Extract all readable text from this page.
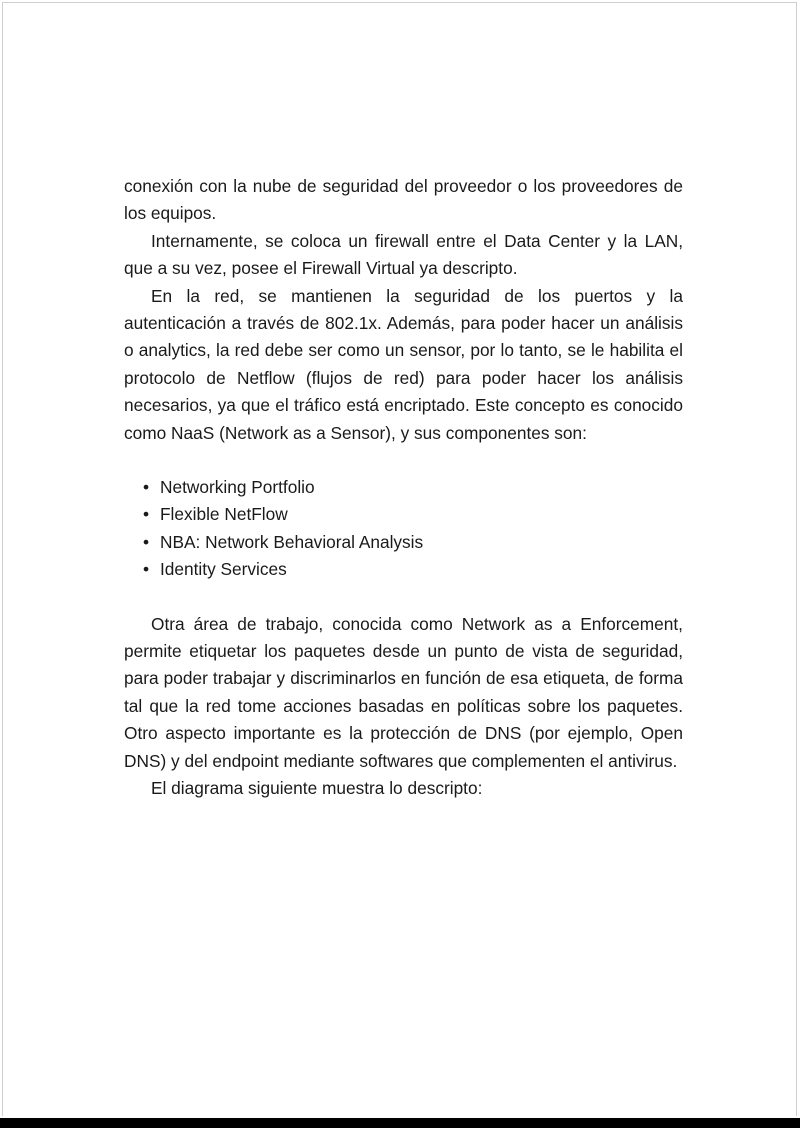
conexión con la nube de seguridad del proveedor o los proveedores de los equipos.

Internamente, se coloca un firewall entre el Data Center y la LAN, que a su vez, posee el Firewall Virtual ya descripto.

En la red, se mantienen la seguridad de los puertos y la autenticación a través de 802.1x. Además, para poder hacer un análisis o analytics, la red debe ser como un sensor, por lo tanto, se le habilita el protocolo de Netflow (flujos de red) para poder hacer los análisis necesarios, ya que el tráfico está encriptado. Este concepto es conocido como NaaS (Network as a Sensor), y sus componentes son:

• Networking Portfolio
• Flexible NetFlow
• NBA: Network Behavioral Analysis
• Identity Services

Otra área de trabajo, conocida como Network as a Enforcement, permite etiquetar los paquetes desde un punto de vista de seguridad, para poder trabajar y discriminarlos en función de esa etiqueta, de forma tal que la red tome acciones basadas en políticas sobre los paquetes. Otro aspecto importante es la protección de DNS (por ejemplo, Open DNS) y del endpoint mediante softwares que complementen el antivirus.

El diagrama siguiente muestra lo descripto:
